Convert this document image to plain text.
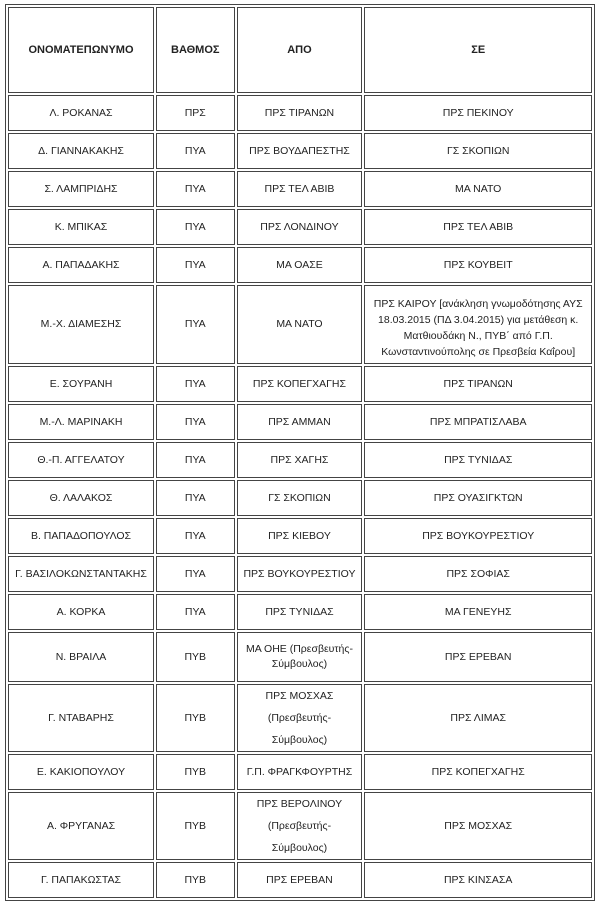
ΟΝΟΜΑΤΕΠΩΝΥΜΟ	ΒΑΘΜΟΣ	ΑΠΟ	ΣΕ
Λ. ΡΟΚΑΝΑΣ	ΠΡΣ	ΠΡΣ ΤΙΡΑΝΩΝ	ΠΡΣ ΠΕΚΙΝΟΥ
Δ. ΓΙΑΝΝΑΚΑΚΗΣ	ΠΥΑ	ΠΡΣ ΒΟΥΔΑΠΕΣΤΗΣ	ΓΣ ΣΚΟΠΙΩΝ
Σ. ΛΑΜΠΡΙΔΗΣ	ΠΥΑ	ΠΡΣ ΤΕΛ ΑΒΙΒ	ΜΑ ΝΑΤΟ
Κ. ΜΠΙΚΑΣ	ΠΥΑ	ΠΡΣ ΛΟΝΔΙΝΟΥ	ΠΡΣ ΤΕΛ ΑΒΙΒ
Α. ΠΑΠΑΔΑΚΗΣ	ΠΥΑ	ΜΑ ΟΑΣΕ	ΠΡΣ ΚΟΥΒΕΙΤ
Μ.-Χ. ΔΙΑΜΕΣΗΣ	ΠΥΑ	ΜΑ ΝΑΤΟ	ΠΡΣ ΚΑΙΡΟΥ [ανάκληση γνωμοδότησης ΑΥΣ 18.03.2015 (ΠΔ 3.04.2015) για μετάθεση κ. Ματθιουδάκη Ν., ΠΥΒ΄ από Γ.Π. Κωνσταντινούπολης σε Πρεσβεία Καΐρου]
Ε. ΣΟΥΡΑΝΗ	ΠΥΑ	ΠΡΣ ΚΟΠΕΓΧΑΓΗΣ	ΠΡΣ ΤΙΡΑΝΩΝ
Μ.-Λ. ΜΑΡΙΝΑΚΗ	ΠΥΑ	ΠΡΣ ΑΜΜΑΝ	ΠΡΣ ΜΠΡΑΤΙΣΛΑΒΑ
Θ.-Π. ΑΓΓΕΛΑΤΟΥ	ΠΥΑ	ΠΡΣ ΧΑΓΗΣ	ΠΡΣ ΤΥΝΙΔΑΣ
Θ. ΛΑΛΑΚΟΣ	ΠΥΑ	ΓΣ ΣΚΟΠΙΩΝ	ΠΡΣ ΟΥΑΣΙΓΚΤΩΝ
Β. ΠΑΠΑΔΟΠΟΥΛΟΣ	ΠΥΑ	ΠΡΣ ΚΙΕΒΟΥ	ΠΡΣ ΒΟΥΚΟΥΡΕΣΤΙΟΥ
Γ. ΒΑΣΙΛΟΚΩΝΣΤΑΝΤΑΚΗΣ	ΠΥΑ	ΠΡΣ ΒΟΥΚΟΥΡΕΣΤΙΟΥ	ΠΡΣ ΣΟΦΙΑΣ
Α. ΚΟΡΚΑ	ΠΥΑ	ΠΡΣ ΤΥΝΙΔΑΣ	ΜΑ ΓΕΝΕΥΗΣ
Ν. ΒΡΑΙΛΑ	ΠΥΒ	ΜΑ ΟΗΕ (Πρεσβευτής-Σύμβουλος)	ΠΡΣ ΕΡΕΒΑΝ
Γ. ΝΤΑΒΑΡΗΣ	ΠΥΒ	ΠΡΣ ΜΟΣΧΑΣ (Πρεσβευτής-Σύμβουλος)	ΠΡΣ ΛΙΜΑΣ
Ε. ΚΑΚΙΟΠΟΥΛΟΥ	ΠΥΒ	Γ.Π. ΦΡΑΓΚΦΟΥΡΤΗΣ	ΠΡΣ ΚΟΠΕΓΧΑΓΗΣ
Α. ΦΡΥΓΑΝΑΣ	ΠΥΒ	ΠΡΣ ΒΕΡΟΛΙΝΟΥ (Πρεσβευτής-Σύμβουλος)	ΠΡΣ ΜΟΣΧΑΣ
Γ. ΠΑΠΑΚΩΣΤΑΣ	ΠΥΒ	ΠΡΣ ΕΡΕΒΑΝ	ΠΡΣ ΚΙΝΣΑΣΑ
